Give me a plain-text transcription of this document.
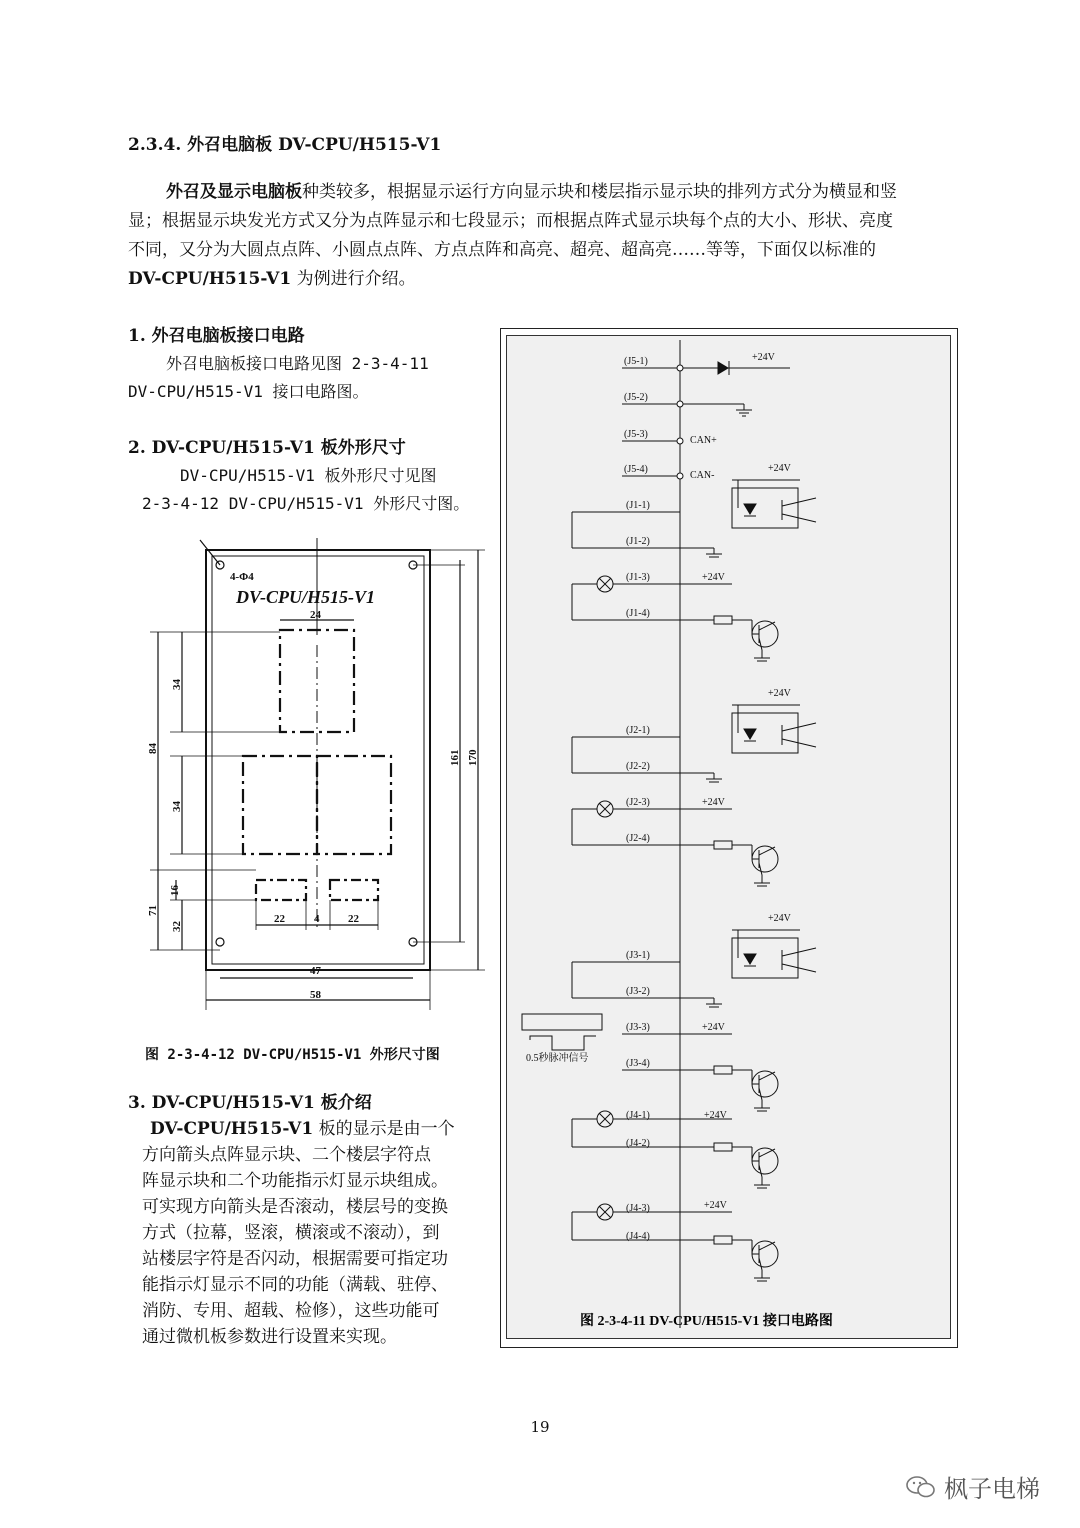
2.3.4. 外召电脑板 DV-CPU/H515-V1
外召及显示电脑板种类较多，根据显示运行方向显示块和楼层指示显示块的排列方式分为横显和竖
显；根据显示块发光方式又分为点阵显示和七段显示；而根据点阵式显示块每个点的大小、形状、亮度
不同，又分为大圆点点阵、小圆点点阵、方点点阵和高亮、超亮、超高亮……等等，下面仅以标准的
DV-CPU/H515-V1 为例进行介绍。
1. 外召电脑板接口电路
外召电脑板接口电路见图 2-3-4-11
DV-CPU/H515-V1 接口电路图。
2. DV-CPU/H515-V1 板外形尺寸
DV-CPU/H515-V1 板外形尺寸见图
2-3-4-12 DV-CPU/H515-V1 外形尺寸图。
4-Φ4
DV-CPU/H515-V1
24
34
84
34
16
71
32
22	4	22
161 170
47
58
图 2-3-4-12 DV-CPU/H515-V1 外形尺寸图
3. DV-CPU/H515-V1 板介绍
DV-CPU/H515-V1 板的显示是由一个
方向箭头点阵显示块、二个楼层字符点
阵显示块和二个功能指示灯显示块组成。
可实现方向箭头是否滚动，楼层号的变换
方式（拉幕，竖滚，横滚或不滚动），到
站楼层字符是否闪动，根据需要可指定功
能指示灯显示不同的功能（满载、驻停、
消防、专用、超载、检修），这些功能可
通过微机板参数进行设置来实现。
(J5-1)
(J5-2)
(J5-3)
(J5-4)
(J1-1)
(J1-2)
(J1-3)
(J1-4)
(J2-1)
(J2-2)
(J2-3)
(J2-4)
(J3-1)
(J3-2)
(J3-3)
(J3-4)
(J4-1)
(J4-2)
(J4-3)
(J4-4)
+24V
CAN+
CAN-
+24V
+24V
+24V
+24V
+24V
+24V
+24V
+24V
0.5秒脉冲信号
图 2-3-4-11 DV-CPU/H515-V1 接口电路图
19
枫子电梯
